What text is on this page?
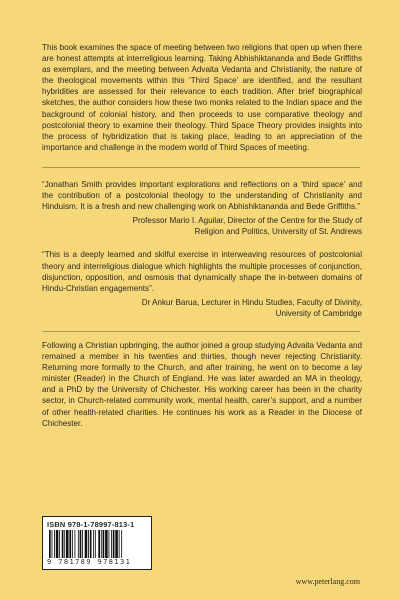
This book examines the space of meeting between two religions that open up when there are honest attempts at interreligious learning. Taking Abhishiktananda and Bede Griffiths as exemplars, and the meeting between Advaita Vedanta and Christianity, the nature of the theological movements within this ‘Third Space’ are identified, and the resultant hybridities are assessed for their relevance to each tradition. After brief biographical sketches, the author considers how these two monks related to the Indian space and the background of colonial history, and then proceeds to use comparative theology and postcolonial theory to examine their theology. Third Space Theory provides insights into the process of hybridization that is taking place, leading to an appreciation of the importance and challenge in the modern world of Third Spaces of meeting.

“Jonathan Smith provides important explorations and reflections on a ‘third space’ and the contribution of a postcolonial theology to the understanding of Christianity and Hinduism. It is a fresh and new challenging work on Abhishiktananda and Bede Griffiths.”

Professor Mario I. Aguilar, Director of the Centre for the Study of
Religion and Politics, University of St. Andrews

“This is a deeply learned and skilful exercise in interweaving resources of postcolonial theory and interreligious dialogue which highlights the multiple processes of conjunction, disjunction, opposition, and osmosis that dynamically shape the in-between domains of Hindu-Christian engagements”.

Dr Ankur Barua, Lecturer in Hindu Studies, Faculty of Divinity,
University of Cambridge

Following a Christian upbringing, the author joined a group studying Advaita Vedanta and remained a member in his twenties and thirties, though never rejecting Christianity. Returning more formally to the Church, and after training, he went on to become a lay minister (Reader) in the Church of England. He was later awarded an MA in theology, and a PhD by the University of Chichester. His working career has been in the charity sector, in Church-related community work, mental health, carer’s support, and a number of other health-related charities. He continues his work as a Reader in the Diocese of Chichester.

ISBN 978-1-78997-813-1
9 781789 978131
www.peterlang.com
